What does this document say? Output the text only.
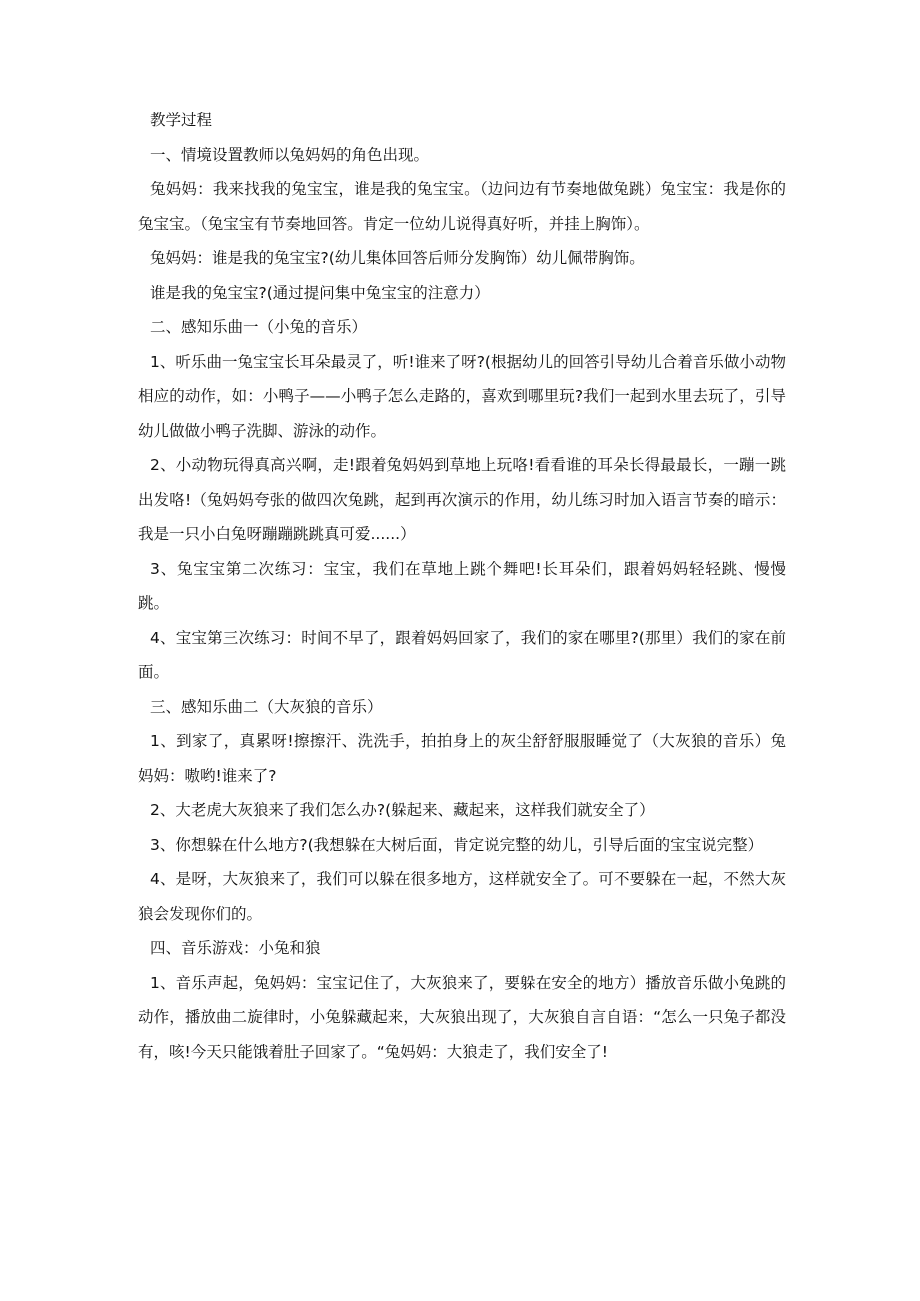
教学过程

一、情境设置教师以兔妈妈的角色出现。

兔妈妈：我来找我的兔宝宝，谁是我的兔宝宝。（边问边有节奏地做兔跳）兔宝宝：我是你的兔宝宝。（兔宝宝有节奏地回答。肯定一位幼儿说得真好听，并挂上胸饰）。

兔妈妈：谁是我的兔宝宝?(幼儿集体回答后师分发胸饰）幼儿佩带胸饰。

谁是我的兔宝宝?(通过提问集中兔宝宝的注意力）

二、感知乐曲一（小兔的音乐）

1、听乐曲一兔宝宝长耳朵最灵了，听!谁来了呀?(根据幼儿的回答引导幼儿合着音乐做小动物相应的动作，如：小鸭子——小鸭子怎么走路的，喜欢到哪里玩?我们一起到水里去玩了，引导幼儿做做小鸭子洗脚、游泳的动作。

2、小动物玩得真高兴啊，走!跟着兔妈妈到草地上玩咯!看看谁的耳朵长得最最长，一蹦一跳出发咯!（兔妈妈夸张的做四次兔跳，起到再次演示的作用，幼儿练习时加入语言节奏的暗示：我是一只小白兔呀蹦蹦跳跳真可爱......）

3、兔宝宝第二次练习：宝宝，我们在草地上跳个舞吧!长耳朵们，跟着妈妈轻轻跳、慢慢跳。

4、宝宝第三次练习：时间不早了，跟着妈妈回家了，我们的家在哪里?(那里）我们的家在前面。

三、感知乐曲二（大灰狼的音乐）

1、到家了，真累呀!擦擦汗、洗洗手，拍拍身上的灰尘舒舒服服睡觉了（大灰狼的音乐）兔妈妈：嗷哟!谁来了?

2、大老虎大灰狼来了我们怎么办?(躲起来、藏起来，这样我们就安全了）

3、你想躲在什么地方?(我想躲在大树后面，肯定说完整的幼儿，引导后面的宝宝说完整）

4、是呀，大灰狼来了，我们可以躲在很多地方，这样就安全了。可不要躲在一起，不然大灰狼会发现你们的。

四、音乐游戏：小兔和狼

1、音乐声起，兔妈妈：宝宝记住了，大灰狼来了，要躲在安全的地方）播放音乐做小兔跳的动作，播放曲二旋律时，小兔躲藏起来，大灰狼出现了，大灰狼自言自语：“怎么一只兔子都没有，咳!今天只能饿着肚子回家了。“兔妈妈：大狼走了，我们安全了!
